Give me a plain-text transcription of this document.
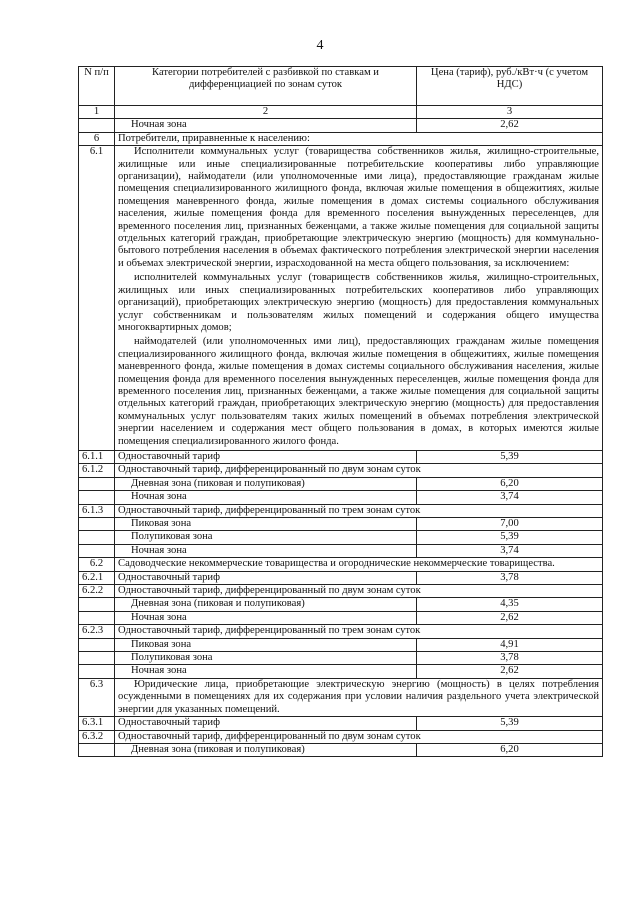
4
N п/п	Категории потребителей с разбивкой по ставкам и дифференциацией по зонам суток	Цена (тариф), руб./кВт·ч (с учетом НДС)
1	2	3
	Ночная зона	2,62
6	Потребители, приравненные к населению:	
6.1	Исполнители коммунальных услуг (товарищества собственников жилья, жилищно-строительные, жилищные или иные специализированные потребительские кооперативы либо управляющие организации), наймодатели (или уполномоченные ими лица), предоставляющие гражданам жилые помещения специализированного жилищного фонда, включая жилые помещения в общежитиях, жилые помещения маневренного фонда, жилые помещения в домах системы социального обслуживания населения, жилые помещения фонда для временного поселения вынужденных переселенцев, для временного поселения лиц, признанных беженцами, а также жилые помещения для социальной защиты отдельных категорий граждан, приобретающие электрическую энергию (мощность) для коммунально-бытового потребления населения в объемах фактического потребления электрической энергии населения и объемах электрической энергии, израсходованной на места общего пользования, за исключением:

исполнителей коммунальных услуг (товариществ собственников жилья, жилищно-строительных, жилищных или иных специализированных потребительских кооперативов либо управляющих организаций), приобретающих электрическую энергию (мощность) для предоставления коммунальных услуг собственникам и пользователям жилых помещений и содержания общего имущества многоквартирных домов;

наймодателей (или уполномоченных ими лиц), предоставляющих гражданам жилые помещения специализированного жилищного фонда, включая жилые помещения в общежитиях, жилые помещения маневренного фонда, жилые помещения в домах системы социального обслуживания населения, жилые помещения фонда для временного поселения вынужденных переселенцев, жилые помещения фонда для временного поселения лиц, признанных беженцами, а также жилые помещения для социальной защиты отдельных категорий граждан, приобретающих электрическую энергию (мощность) для предоставления коммунальных услуг пользователям таких жилых помещений в объемах потребления электрической энергии населением и содержания мест общего пользования в домах, в которых имеются жилые помещения специализированного жилого фонда.	

6.1.1	Одноставочный тариф	5,39
6.1.2	Одноставочный тариф, дифференцированный по двум зонам суток	
	Дневная зона (пиковая и полупиковая)	6,20
	Ночная зона	3,74
6.1.3	Одноставочный тариф, дифференцированный по трем зонам суток	
	Пиковая зона	7,00
	Полупиковая зона	5,39
	Ночная зона	3,74
6.2	Садоводческие некоммерческие товарищества и огороднические некоммерческие товарищества.	
6.2.1	Одноставочный тариф	3,78
6.2.2	Одноставочный тариф, дифференцированный по двум зонам суток	
	Дневная зона (пиковая и полупиковая)	4,35
	Ночная зона	2,62
6.2.3	Одноставочный тариф, дифференцированный по трем зонам суток	
	Пиковая зона	4,91
	Полупиковая зона	3,78
	Ночная зона	2,62
6.3	Юридические лица, приобретающие электрическую энергию (мощность) в целях потребления осужденными в помещениях для их содержания при условии наличия раздельного учета электрической энергии для указанных помещений.	
6.3.1	Одноставочный тариф	5,39
6.3.2	Одноставочный тариф, дифференцированный по двум зонам суток	
	Дневная зона (пиковая и полупиковая)	6,20
